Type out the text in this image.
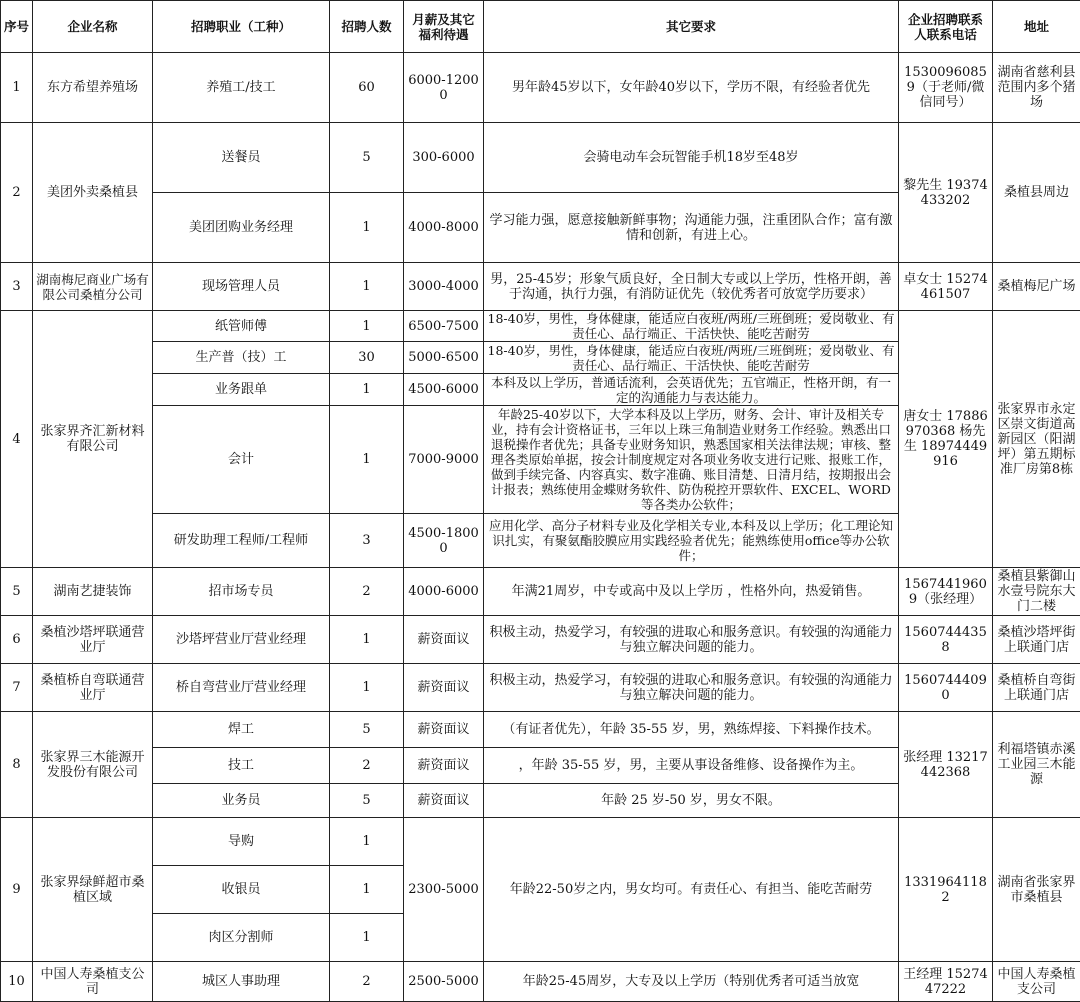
序号	企业名称	招聘职业（工种）	招聘人数	月薪及其它福利待遇	其它要求	企业招聘联系人联系电话	地址
1	东方希望养殖场	养殖工/技工	60	6000-12000	男年龄45岁以下，女年龄40岁以下，学历不限，有经验者优先	15300960859（于老师/微信同号）	湖南省慈利县范围内多个猪场
2	美团外卖桑植县	送餐员	5	300-6000	会骑电动车会玩智能手机18岁至48岁	黎先生 19374433202	桑植县周边
		美团团购业务经理	1	4000-8000	学习能力强，愿意接触新鲜事物；沟通能力强，注重团队合作；富有激情和创新，有进上心。		
3	湖南梅尼商业广场有限公司桑植分公司	现场管理人员	1	3000-4000	男，25-45岁；形象气质良好，全日制大专或以上学历，性格开朗，善于沟通，执行力强，有消防证优先（较优秀者可放宽学历要求）	卓女士 15274461507	桑植梅尼广场
4	张家界齐汇新材料有限公司	纸管师傅	1	6500-7500	18-40岁，男性，身体健康，能适应白夜班/两班/三班倒班；爱岗敬业、有责任心、品行端正、干活快快、能吃苦耐劳	唐女士 17886970368 杨先生 18974449916	张家界市永定区崇文街道高新园区（阳湖坪）第五期标准厂房第8栋
		生产普（技）工	30	5000-6500	18-40岁，男性，身体健康，能适应白夜班/两班/三班倒班；爱岗敬业、有责任心、品行端正、干活快快、能吃苦耐劳		
		业务跟单	1	4500-6000	本科及以上学历，普通话流利，会英语优先；五官端正，性格开朗，有一定的沟通能力与表达能力。		
		会计	1	7000-9000	年龄25-40岁以下，大学本科及以上学历，财务、会计、审计及相关专业，持有会计资格证书，三年以上珠三角制造业财务工作经验。熟悉出口退税操作者优先；具备专业财务知识，熟悉国家相关法律法规；审核、整理各类原始单据，按会计制度规定对各项业务收支进行记账、报账工作，做到手续完备、内容真实、数字准确、账目清楚、日清月结，按期报出会计报表；熟练使用金蝶财务软件、防伪税控开票软件、EXCEL、WORD等各类办公软件；		
		研发助理工程师/工程师	3	4500-18000	应用化学、高分子材料专业及化学相关专业,本科及以上学历；化工理论知识扎实，有聚氨酯胶膜应用实践经验者优先；能熟练使用office等办公软件；		
5	湖南艺捷装饰	招市场专员	2	4000-6000	年满21周岁，中专或高中及以上学历 ，性格外向，热爱销售。	15674419609（张经理）	桑植县紫御山水壹号院东大门二楼
6	桑植沙塔坪联通营业厅	沙塔坪营业厅营业经理	1	薪资面议	积极主动，热爱学习，有较强的进取心和服务意识。有较强的沟通能力与独立解决问题的能力。	15607444358	桑植沙塔坪街上联通门店
7	桑植桥自弯联通营业厅	桥自弯营业厅营业经理	1	薪资面议	积极主动，热爱学习，有较强的进取心和服务意识。有较强的沟通能力与独立解决问题的能力。	15607444090	桑植桥自弯街上联通门店
8	张家界三木能源开发股份有限公司	焊工	5	薪资面议	（有证者优先），年龄 35-55 岁，男，熟练焊接、下料操作技术。	张经理 13217442368	利福塔镇赤溪工业园三木能源
		技工	2	薪资面议	，年龄 35-55 岁，男，主要从事设备维修、设备操作为主。		
		业务员	5	薪资面议	年龄 25 岁-50 岁，男女不限。		
9	张家界绿鲜超市桑植区域	导购	1	2300-5000	年龄22-50岁之内，男女均可。有责任心、有担当、能吃苦耐劳	13319641182	湖南省张家界市桑植县
		收银员	1				
		肉区分割师	1				
10	中国人寿桑植支公司	城区人事助理	2	2500-5000	年龄25-45周岁，大专及以上学历（特别优秀者可适当放宽	王经理 1527447222	中国人寿桑植支公司
